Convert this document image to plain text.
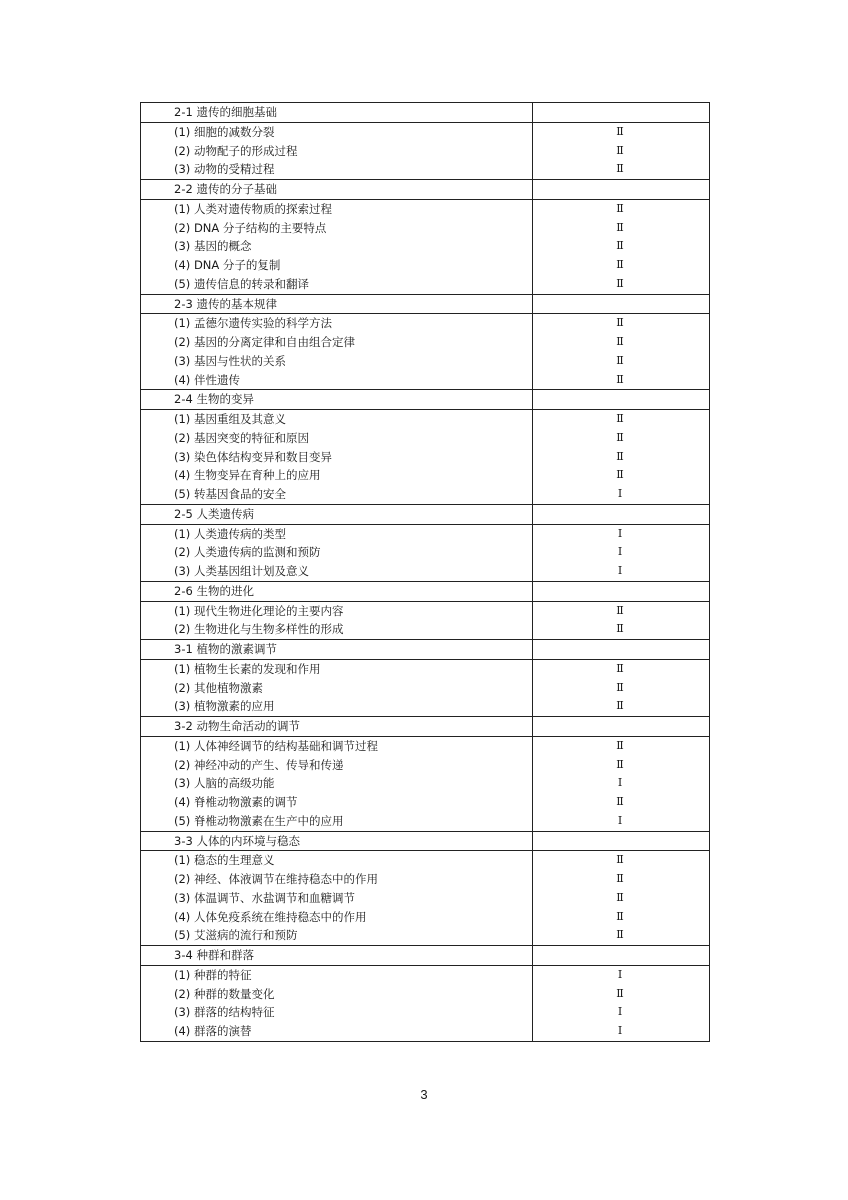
2-1 遗传的细胞基础	
(1) 细胞的减数分裂	Ⅱ
(2) 动物配子的形成过程	Ⅱ
(3) 动物的受精过程	Ⅱ
2-2 遗传的分子基础	
(1) 人类对遗传物质的探索过程	Ⅱ
(2) DNA 分子结构的主要特点	Ⅱ
(3) 基因的概念	Ⅱ
(4) DNA 分子的复制	Ⅱ
(5) 遗传信息的转录和翻译	Ⅱ
2-3 遗传的基本规律	
(1) 孟德尔遗传实验的科学方法	Ⅱ
(2) 基因的分离定律和自由组合定律	Ⅱ
(3) 基因与性状的关系	Ⅱ
(4) 伴性遗传	Ⅱ
2-4 生物的变异	
(1) 基因重组及其意义	Ⅱ
(2) 基因突变的特征和原因	Ⅱ
(3) 染色体结构变异和数目变异	Ⅱ
(4) 生物变异在育种上的应用	Ⅱ
(5) 转基因食品的安全	Ⅰ
2-5 人类遗传病	
(1) 人类遗传病的类型	Ⅰ
(2) 人类遗传病的监测和预防	Ⅰ
(3) 人类基因组计划及意义	Ⅰ
2-6 生物的进化	
(1) 现代生物进化理论的主要内容	Ⅱ
(2) 生物进化与生物多样性的形成	Ⅱ
3-1 植物的激素调节	
(1) 植物生长素的发现和作用	Ⅱ
(2) 其他植物激素	Ⅱ
(3) 植物激素的应用	Ⅱ
3-2 动物生命活动的调节	
(1) 人体神经调节的结构基础和调节过程	Ⅱ
(2) 神经冲动的产生、传导和传递	Ⅱ
(3) 人脑的高级功能	Ⅰ
(4) 脊椎动物激素的调节	Ⅱ
(5) 脊椎动物激素在生产中的应用	Ⅰ
3-3 人体的内环境与稳态	
(1) 稳态的生理意义	Ⅱ
(2) 神经、体液调节在维持稳态中的作用	Ⅱ
(3) 体温调节、水盐调节和血糖调节	Ⅱ
(4) 人体免疫系统在维持稳态中的作用	Ⅱ
(5) 艾滋病的流行和预防	Ⅱ
3-4 种群和群落	
(1) 种群的特征	Ⅰ
(2) 种群的数量变化	Ⅱ
(3) 群落的结构特征	Ⅰ
(4) 群落的演替	Ⅰ
3
